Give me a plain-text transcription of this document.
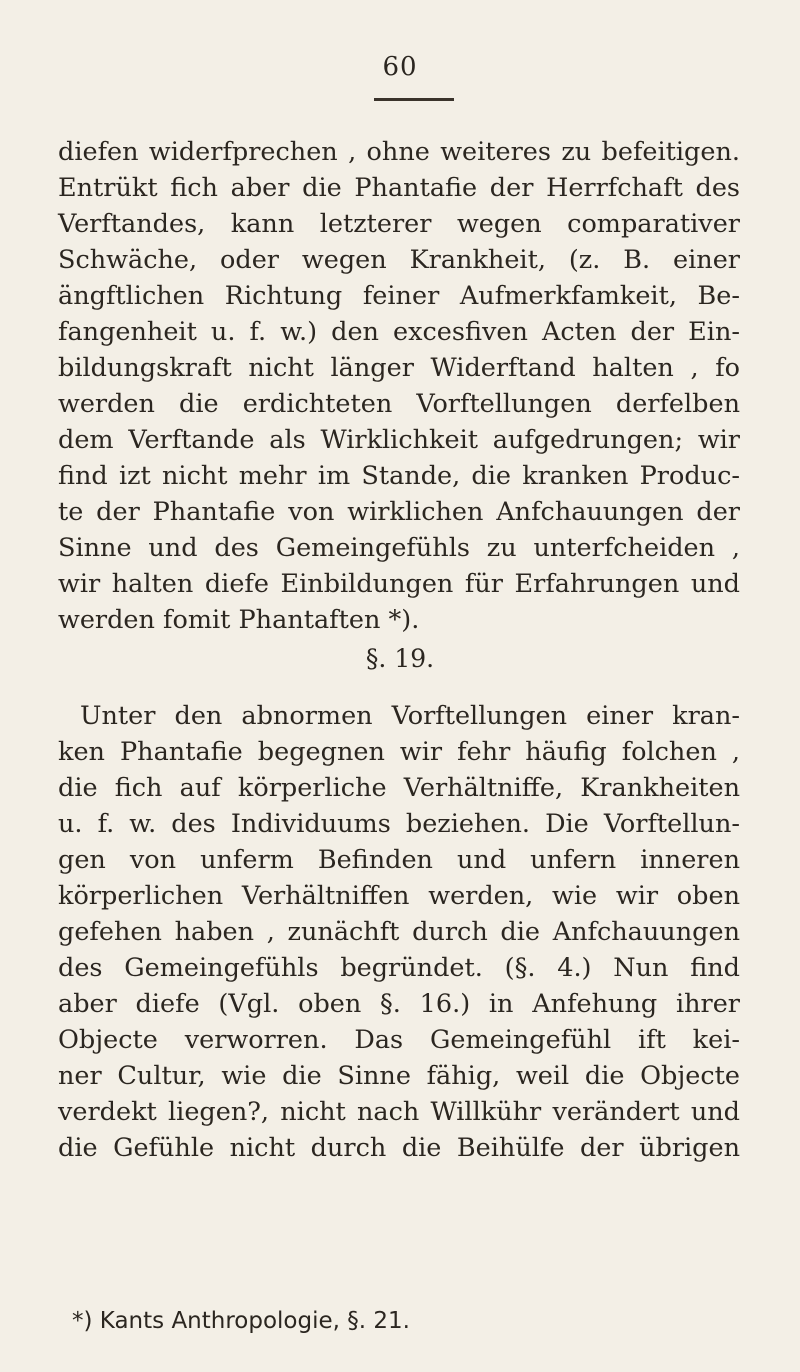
60
diefen widerfprechen , ohne weiteres zu befeitigen.
Entrükt fich aber die Phantafie der Herrfchaft des
Verftandes, kann letzterer wegen comparativer
Schwäche, oder wegen Krankheit, (z. B. einer
ängftlichen Richtung feiner Aufmerkfamkeit, Be-
fangenheit u. f. w.) den excesfiven Acten der Ein-
bildungskraft nicht länger Widerftand halten , fo
werden die erdichteten Vorftellungen derfelben
dem Verftande als Wirklichkeit aufgedrungen; wir
find izt nicht mehr im Stande, die kranken Produc-
te der Phantafie von wirklichen Anfchauungen der
Sinne und des Gemeingefühls zu unterfcheiden ,
wir halten diefe Einbildungen für Erfahrungen und
werden fomit Phantaften *).
§. 19.
Unter den abnormen Vorftellungen einer kran-
ken Phantafie begegnen wir fehr häufig folchen ,
die fich auf körperliche Verhältniffe, Krankheiten
u. f. w. des Individuums beziehen. Die Vorftellun-
gen von unferm Befinden und unfern inneren
körperlichen Verhältniffen werden, wie wir oben
gefehen haben , zunächft durch die Anfchauungen
des Gemeingefühls begründet. (§. 4.) Nun find
aber diefe (Vgl. oben §. 16.) in Anfehung ihrer
Objecte verworren. Das Gemeingefühl ift kei-
ner Cultur, wie die Sinne fähig, weil die Objecte
verdekt liegen?, nicht nach Willkühr verändert und
die Gefühle nicht durch die Beihülfe der übrigen
*) Kants Anthropologie, §. 21.
